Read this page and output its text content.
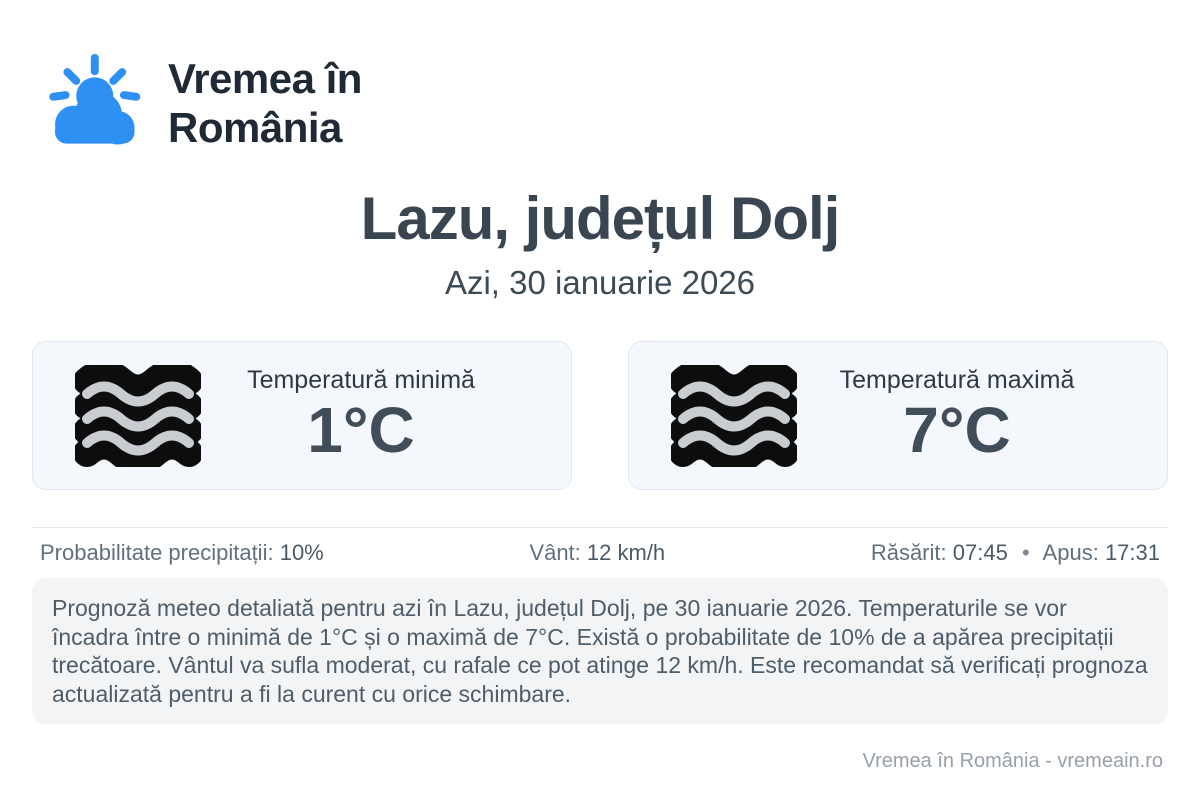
Vremea în
România
Lazu, județul Dolj
Azi, 30 ianuarie 2026
Temperatură minimă
1°C
Temperatură maximă
7°C
Probabilitate precipitații: 10%	Vânt: 12 km/h	Răsărit: 07:45 • Apus: 17:31
Prognoză meteo detaliată pentru azi în Lazu, județul Dolj, pe 30 ianuarie 2026. Temperaturile se vor încadra între o minimă de 1°C și o maximă de 7°C. Există o probabilitate de 10% de a apărea precipitații trecătoare. Vântul va sufla moderat, cu rafale ce pot atinge 12 km/h. Este recomandat să verificați prognoza actualizată pentru a fi la curent cu orice schimbare.
Vremea în România - vremeain.ro
